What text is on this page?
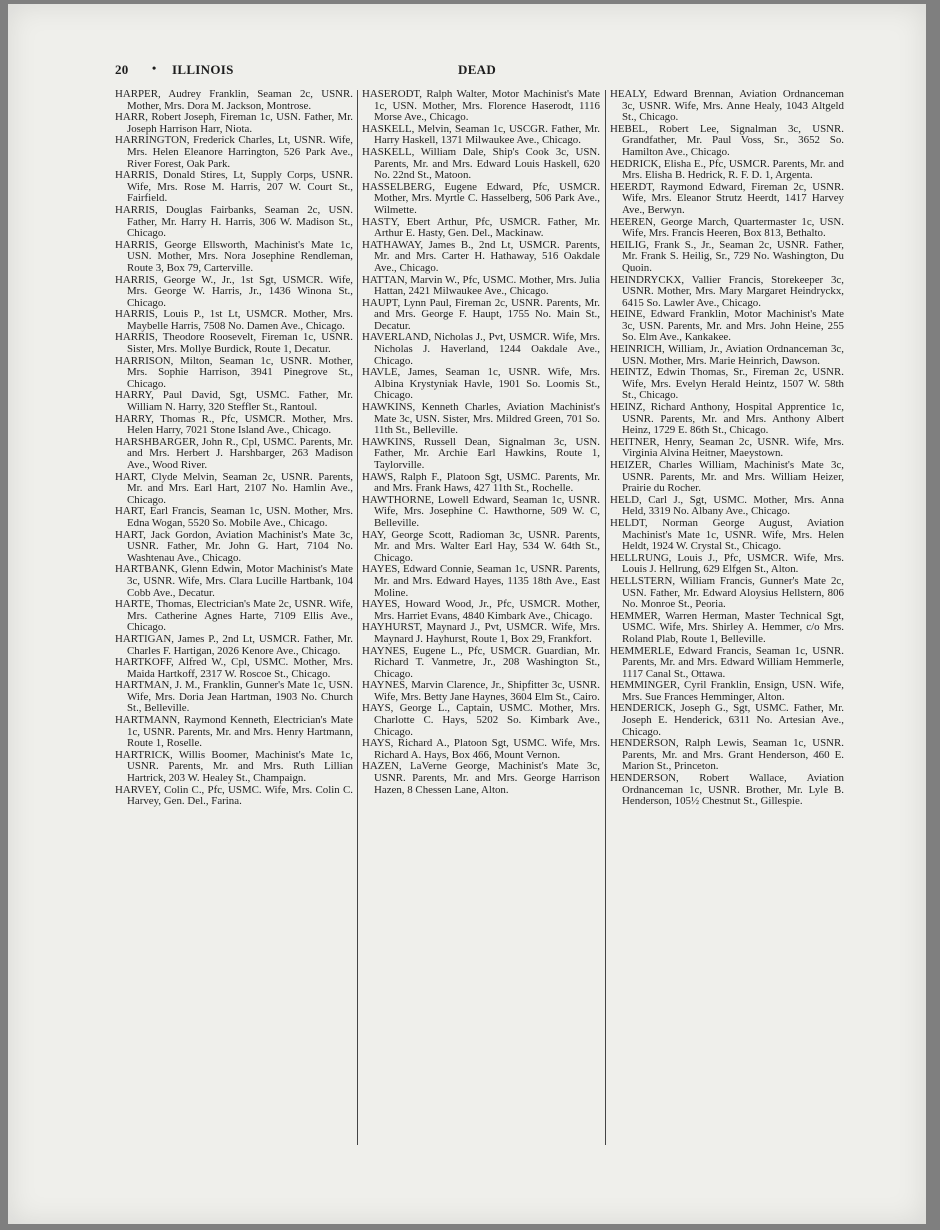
20 • ILLINOIS	DEAD

HARPER, Audrey Franklin, Seaman 2c, USNR. Mother, Mrs. Dora M. Jackson, Montrose.

HARR, Robert Joseph, Fireman 1c, USN. Father, Mr. Joseph Harrison Harr, Niota.

HARRINGTON, Frederick Charles, Lt, USNR. Wife, Mrs. Helen Eleanore Harrington, 526 Park Ave., River Forest, Oak Park.

HARRIS, Donald Stires, Lt, Supply Corps, USNR. Wife, Mrs. Rose M. Harris, 207 W. Court St., Fairfield.

HARRIS, Douglas Fairbanks, Seaman 2c, USN. Father, Mr. Harry H. Harris, 306 W. Madison St., Chicago.

HARRIS, George Ellsworth, Machinist's Mate 1c, USN. Mother, Mrs. Nora Josephine Rendleman, Route 3, Box 79, Carterville.

HARRIS, George W., Jr., 1st Sgt, USMCR. Wife, Mrs. George W. Harris, Jr., 1436 Winona St., Chicago.

HARRIS, Louis P., 1st Lt, USMCR. Mother, Mrs. Maybelle Harris, 7508 No. Damen Ave., Chicago.

HARRIS, Theodore Roosevelt, Fireman 1c, USNR. Sister, Mrs. Mollye Burdick, Route 1, Decatur.

HARRISON, Milton, Seaman 1c, USNR. Mother, Mrs. Sophie Harrison, 3941 Pinegrove St., Chicago.

HARRY, Paul David, Sgt, USMC. Father, Mr. William N. Harry, 320 Steffler St., Rantoul.

HARRY, Thomas R., Pfc, USMCR. Mother, Mrs. Helen Harry, 7021 Stone Island Ave., Chicago.

HARSHBARGER, John R., Cpl, USMC. Parents, Mr. and Mrs. Herbert J. Harshbarger, 263 Madison Ave., Wood River.

HART, Clyde Melvin, Seaman 2c, USNR. Parents, Mr. and Mrs. Earl Hart, 2107 No. Hamlin Ave., Chicago.

HART, Earl Francis, Seaman 1c, USN. Mother, Mrs. Edna Wogan, 5520 So. Mobile Ave., Chicago.

HART, Jack Gordon, Aviation Machinist's Mate 3c, USNR. Father, Mr. John G. Hart, 7104 No. Washtenau Ave., Chicago.

HARTBANK, Glenn Edwin, Motor Machinist's Mate 3c, USNR. Wife, Mrs. Clara Lucille Hartbank, 104 Cobb Ave., Decatur.

HARTE, Thomas, Electrician's Mate 2c, USNR. Wife, Mrs. Catherine Agnes Harte, 7109 Ellis Ave., Chicago.

HARTIGAN, James P., 2nd Lt, USMCR. Father, Mr. Charles F. Hartigan, 2026 Kenore Ave., Chicago.

HARTKOFF, Alfred W., Cpl, USMC. Mother, Mrs. Maida Hartkoff, 2317 W. Roscoe St., Chicago.

HARTMAN, J. M., Franklin, Gunner's Mate 1c, USN. Wife, Mrs. Doria Jean Hartman, 1903 No. Church St., Belleville.

HARTMANN, Raymond Kenneth, Electrician's Mate 1c, USNR. Parents, Mr. and Mrs. Henry Hartmann, Route 1, Roselle.

HARTRICK, Willis Boomer, Machinist's Mate 1c, USNR. Parents, Mr. and Mrs. Ruth Lillian Hartrick, 203 W. Healey St., Champaign.

HARVEY, Colin C., Pfc, USMC. Wife, Mrs. Colin C. Harvey, Gen. Del., Farina.

HASERODT, Ralph Walter, Motor Machinist's Mate 1c, USN. Mother, Mrs. Florence Haserodt, 1116 Morse Ave., Chicago.

HASKELL, Melvin, Seaman 1c, USCGR. Father, Mr. Harry Haskell, 1371 Milwaukee Ave., Chicago.

HASKELL, William Dale, Ship's Cook 3c, USN. Parents, Mr. and Mrs. Edward Louis Haskell, 620 No. 22nd St., Matoon.

HASSELBERG, Eugene Edward, Pfc, USMCR. Mother, Mrs. Myrtle C. Hasselberg, 506 Park Ave., Wilmette.

HASTY, Ebert Arthur, Pfc, USMCR. Father, Mr. Arthur E. Hasty, Gen. Del., Mackinaw.

HATHAWAY, James B., 2nd Lt, USMCR. Parents, Mr. and Mrs. Carter H. Hathaway, 516 Oakdale Ave., Chicago.

HATTAN, Marvin W., Pfc, USMC. Mother, Mrs. Julia Hattan, 2421 Milwaukee Ave., Chicago.

HAUPT, Lynn Paul, Fireman 2c, USNR. Parents, Mr. and Mrs. George F. Haupt, 1755 No. Main St., Decatur.

HAVERLAND, Nicholas J., Pvt, USMCR. Wife, Mrs. Nicholas J. Haverland, 1244 Oakdale Ave., Chicago.

HAVLE, James, Seaman 1c, USNR. Wife, Mrs. Albina Krystyniak Havle, 1901 So. Loomis St., Chicago.

HAWKINS, Kenneth Charles, Aviation Machinist's Mate 3c, USN. Sister, Mrs. Mildred Green, 701 So. 11th St., Belleville.

HAWKINS, Russell Dean, Signalman 3c, USN. Father, Mr. Archie Earl Hawkins, Route 1, Taylorville.

HAWS, Ralph F., Platoon Sgt, USMC. Parents, Mr. and Mrs. Frank Haws, 427 11th St., Rochelle.

HAWTHORNE, Lowell Edward, Seaman 1c, USNR. Wife, Mrs. Josephine C. Hawthorne, 509 W. C, Belleville.

HAY, George Scott, Radioman 3c, USNR. Parents, Mr. and Mrs. Walter Earl Hay, 534 W. 64th St., Chicago.

HAYES, Edward Connie, Seaman 1c, USNR. Parents, Mr. and Mrs. Edward Hayes, 1135 18th Ave., East Moline.

HAYES, Howard Wood, Jr., Pfc, USMCR. Mother, Mrs. Harriet Evans, 4840 Kimbark Ave., Chicago.

HAYHURST, Maynard J., Pvt, USMCR. Wife, Mrs. Maynard J. Hayhurst, Route 1, Box 29, Frankfort.

HAYNES, Eugene L., Pfc, USMCR. Guardian, Mr. Richard T. Vanmetre, Jr., 208 Washington St., Chicago.

HAYNES, Marvin Clarence, Jr., Shipfitter 3c, USNR. Wife, Mrs. Betty Jane Haynes, 3604 Elm St., Cairo.

HAYS, George L., Captain, USMC. Mother, Mrs. Charlotte C. Hays, 5202 So. Kimbark Ave., Chicago.

HAYS, Richard A., Platoon Sgt, USMC. Wife, Mrs. Richard A. Hays, Box 466, Mount Vernon.

HAZEN, LaVerne George, Machinist's Mate 3c, USNR. Parents, Mr. and Mrs. George Harrison Hazen, 8 Chessen Lane, Alton.

HEALY, Edward Brennan, Aviation Ordnanceman 3c, USNR. Wife, Mrs. Anne Healy, 1043 Altgeld St., Chicago.

HEBEL, Robert Lee, Signalman 3c, USNR. Grandfather, Mr. Paul Voss, Sr., 3652 So. Hamilton Ave., Chicago.

HEDRICK, Elisha E., Pfc, USMCR. Parents, Mr. and Mrs. Elisha B. Hedrick, R. F. D. 1, Argenta.

HEERDT, Raymond Edward, Fireman 2c, USNR. Wife, Mrs. Eleanor Strutz Heerdt, 1417 Harvey Ave., Berwyn.

HEEREN, George March, Quartermaster 1c, USN. Wife, Mrs. Francis Heeren, Box 813, Bethalto.

HEILIG, Frank S., Jr., Seaman 2c, USNR. Father, Mr. Frank S. Heilig, Sr., 729 No. Washington, Du Quoin.

HEINDRYCKX, Vallier Francis, Storekeeper 3c, USNR. Mother, Mrs. Mary Margaret Heindryckx, 6415 So. Lawler Ave., Chicago.

HEINE, Edward Franklin, Motor Machinist's Mate 3c, USN. Parents, Mr. and Mrs. John Heine, 255 So. Elm Ave., Kankakee.

HEINRICH, William, Jr., Aviation Ordnanceman 3c, USN. Mother, Mrs. Marie Heinrich, Dawson.

HEINTZ, Edwin Thomas, Sr., Fireman 2c, USNR. Wife, Mrs. Evelyn Herald Heintz, 1507 W. 58th St., Chicago.

HEINZ, Richard Anthony, Hospital Apprentice 1c, USNR. Parents, Mr. and Mrs. Anthony Albert Heinz, 1729 E. 86th St., Chicago.

HEITNER, Henry, Seaman 2c, USNR. Wife, Mrs. Virginia Alvina Heitner, Maeystown.

HEIZER, Charles William, Machinist's Mate 3c, USNR. Parents, Mr. and Mrs. William Heizer, Prairie du Rocher.

HELD, Carl J., Sgt, USMC. Mother, Mrs. Anna Held, 3319 No. Albany Ave., Chicago.

HELDT, Norman George August, Aviation Machinist's Mate 1c, USNR. Wife, Mrs. Helen Heldt, 1924 W. Crystal St., Chicago.

HELLRUNG, Louis J., Pfc, USMCR. Wife, Mrs. Louis J. Hellrung, 629 Elfgen St., Alton.

HELLSTERN, William Francis, Gunner's Mate 2c, USN. Father, Mr. Edward Aloysius Hellstern, 806 No. Monroe St., Peoria.

HEMMER, Warren Herman, Master Technical Sgt, USMC. Wife, Mrs. Shirley A. Hemmer, c/o Mrs. Roland Plab, Route 1, Belleville.

HEMMERLE, Edward Francis, Seaman 1c, USNR. Parents, Mr. and Mrs. Edward William Hemmerle, 1117 Canal St., Ottawa.

HEMMINGER, Cyril Franklin, Ensign, USN. Wife, Mrs. Sue Frances Hemminger, Alton.

HENDERICK, Joseph G., Sgt, USMC. Father, Mr. Joseph E. Henderick, 6311 No. Artesian Ave., Chicago.

HENDERSON, Ralph Lewis, Seaman 1c, USNR. Parents, Mr. and Mrs. Grant Henderson, 460 E. Marion St., Princeton.

HENDERSON, Robert Wallace, Aviation Ordnanceman 1c, USNR. Brother, Mr. Lyle B. Henderson, 105½ Chestnut St., Gillespie.
